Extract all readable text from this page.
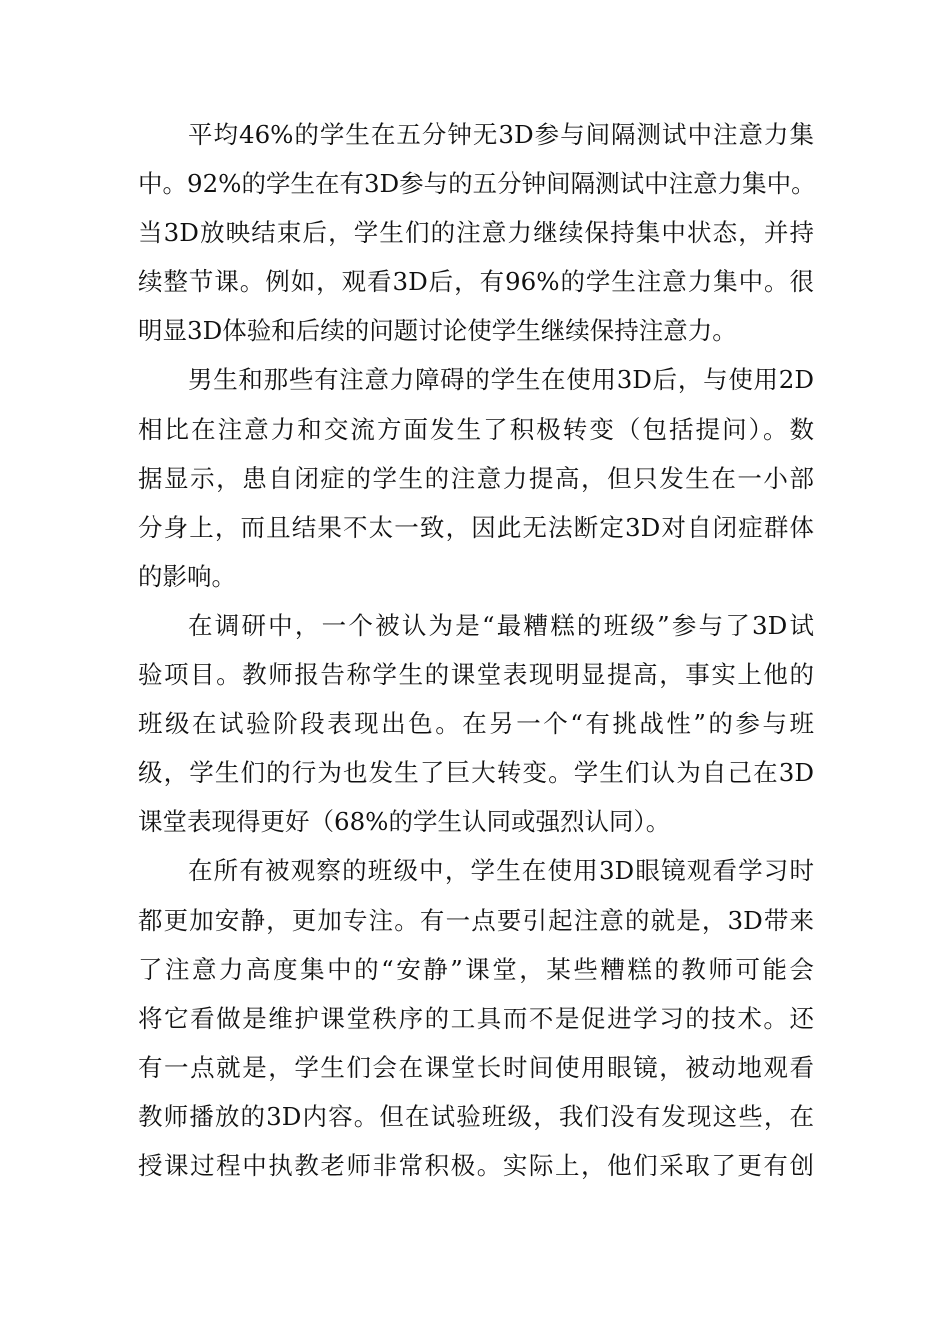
平均46%的学生在五分钟无3D参与间隔测试中注意力集
中。92%的学生在有3D参与的五分钟间隔测试中注意力集中。
当3D放映结束后，学生们的注意力继续保持集中状态，并持
续整节课。例如，观看3D后，有96%的学生注意力集中。很
明显3D体验和后续的问题讨论使学生继续保持注意力。
男生和那些有注意力障碍的学生在使用3D后，与使用2D
相比在注意力和交流方面发生了积极转变（包括提问）。数
据显示，患自闭症的学生的注意力提高，但只发生在一小部
分身上，而且结果不太一致，因此无法断定3D对自闭症群体
的影响。
在调研中，一个被认为是“最糟糕的班级”参与了3D试
验项目。教师报告称学生的课堂表现明显提高，事实上他的
班级在试验阶段表现出色。在另一个“有挑战性”的参与班
级，学生们的行为也发生了巨大转变。学生们认为自己在3D
课堂表现得更好（68%的学生认同或强烈认同）。
在所有被观察的班级中，学生在使用3D眼镜观看学习时
都更加安静，更加专注。有一点要引起注意的就是，3D带来
了注意力高度集中的“安静”课堂，某些糟糕的教师可能会
将它看做是维护课堂秩序的工具而不是促进学习的技术。还
有一点就是，学生们会在课堂长时间使用眼镜，被动地观看
教师播放的3D内容。但在试验班级，我们没有发现这些，在
授课过程中执教老师非常积极。实际上，他们采取了更有创
